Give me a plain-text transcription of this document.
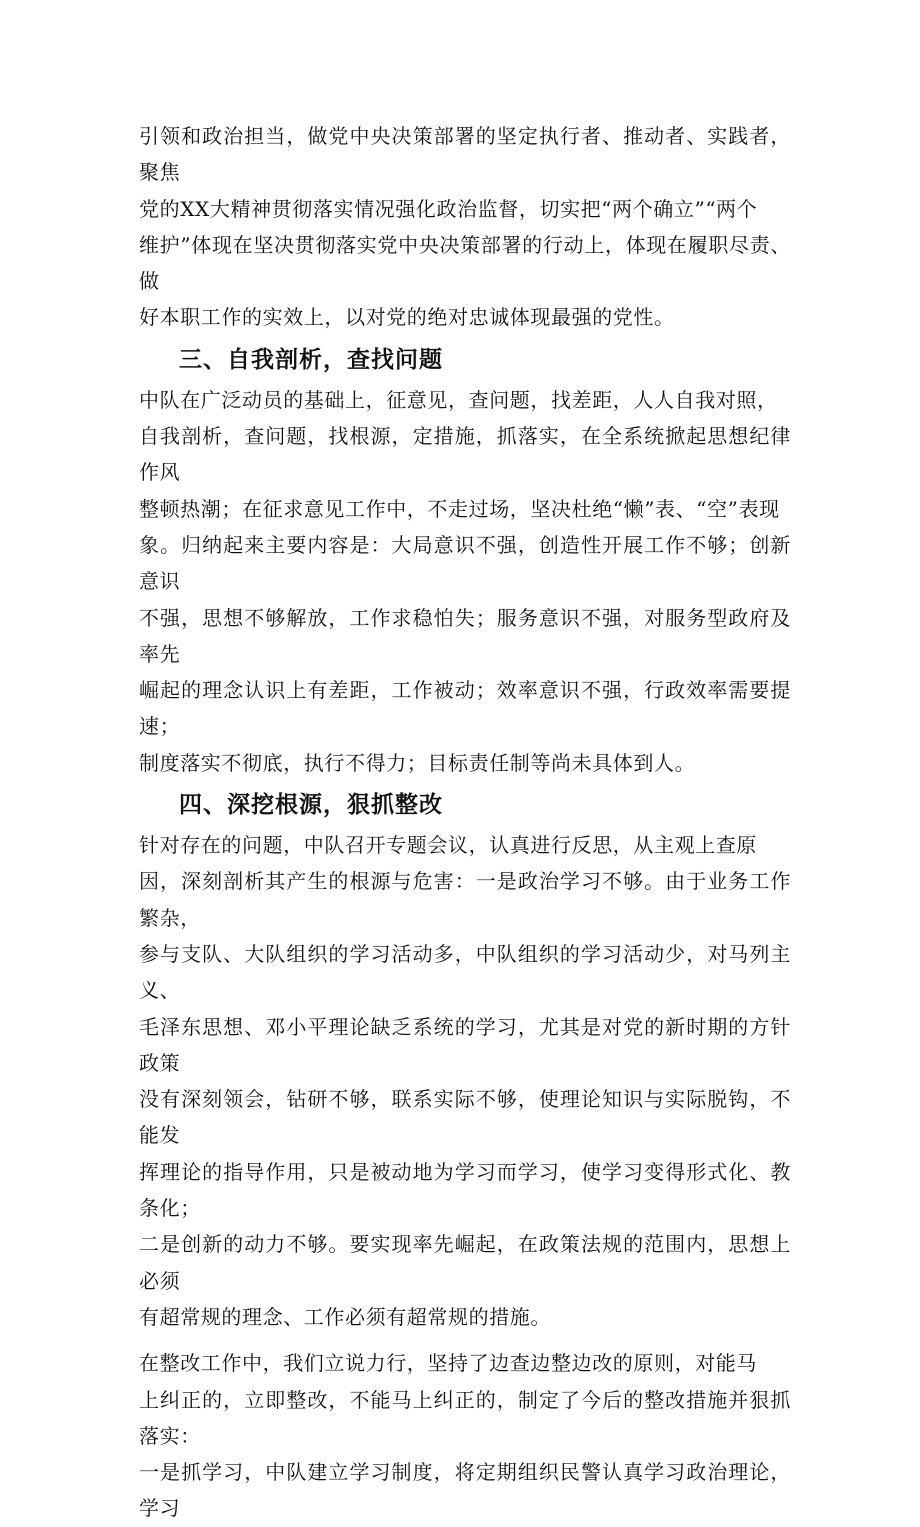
引领和政治担当，做党中央决策部署的坚定执行者、推动者、实践者，聚焦
党的XX大精神贯彻落实情况强化政治监督，切实把“两个确立”“两个
维护”体现在坚决贯彻落实党中央决策部署的行动上，体现在履职尽责、做
好本职工作的实效上，以对党的绝对忠诚体现最强的党性。

三、自我剖析，查找问题

中队在广泛动员的基础上，征意见，查问题，找差距，人人自我对照，
自我剖析，查问题，找根源，定措施，抓落实，在全系统掀起思想纪律作风
整顿热潮；在征求意见工作中，不走过场，坚决杜绝“懒”表、“空”表现
象。归纳起来主要内容是：大局意识不强，创造性开展工作不够；创新意识
不强，思想不够解放，工作求稳怕失；服务意识不强，对服务型政府及率先
崛起的理念认识上有差距，工作被动；效率意识不强，行政效率需要提速；
制度落实不彻底，执行不得力；目标责任制等尚未具体到人。

四、深挖根源，狠抓整改

针对存在的问题，中队召开专题会议，认真进行反思，从主观上查原
因，深刻剖析其产生的根源与危害：一是政治学习不够。由于业务工作繁杂，
参与支队、大队组织的学习活动多，中队组织的学习活动少，对马列主义、
毛泽东思想、邓小平理论缺乏系统的学习，尤其是对党的新时期的方针政策
没有深刻领会，钻研不够，联系实际不够，使理论知识与实际脱钩，不能发
挥理论的指导作用，只是被动地为学习而学习，使学习变得形式化、教条化；
二是创新的动力不够。要实现率先崛起，在政策法规的范围内，思想上必须
有超常规的理念、工作必须有超常规的措施。

在整改工作中，我们立说力行，坚持了边查边整边改的原则，对能马
上纠正的，立即整改，不能马上纠正的，制定了今后的整改措施并狠抓落实：
一是抓学习，中队建立学习制度，将定期组织民警认真学习政治理论，学习
